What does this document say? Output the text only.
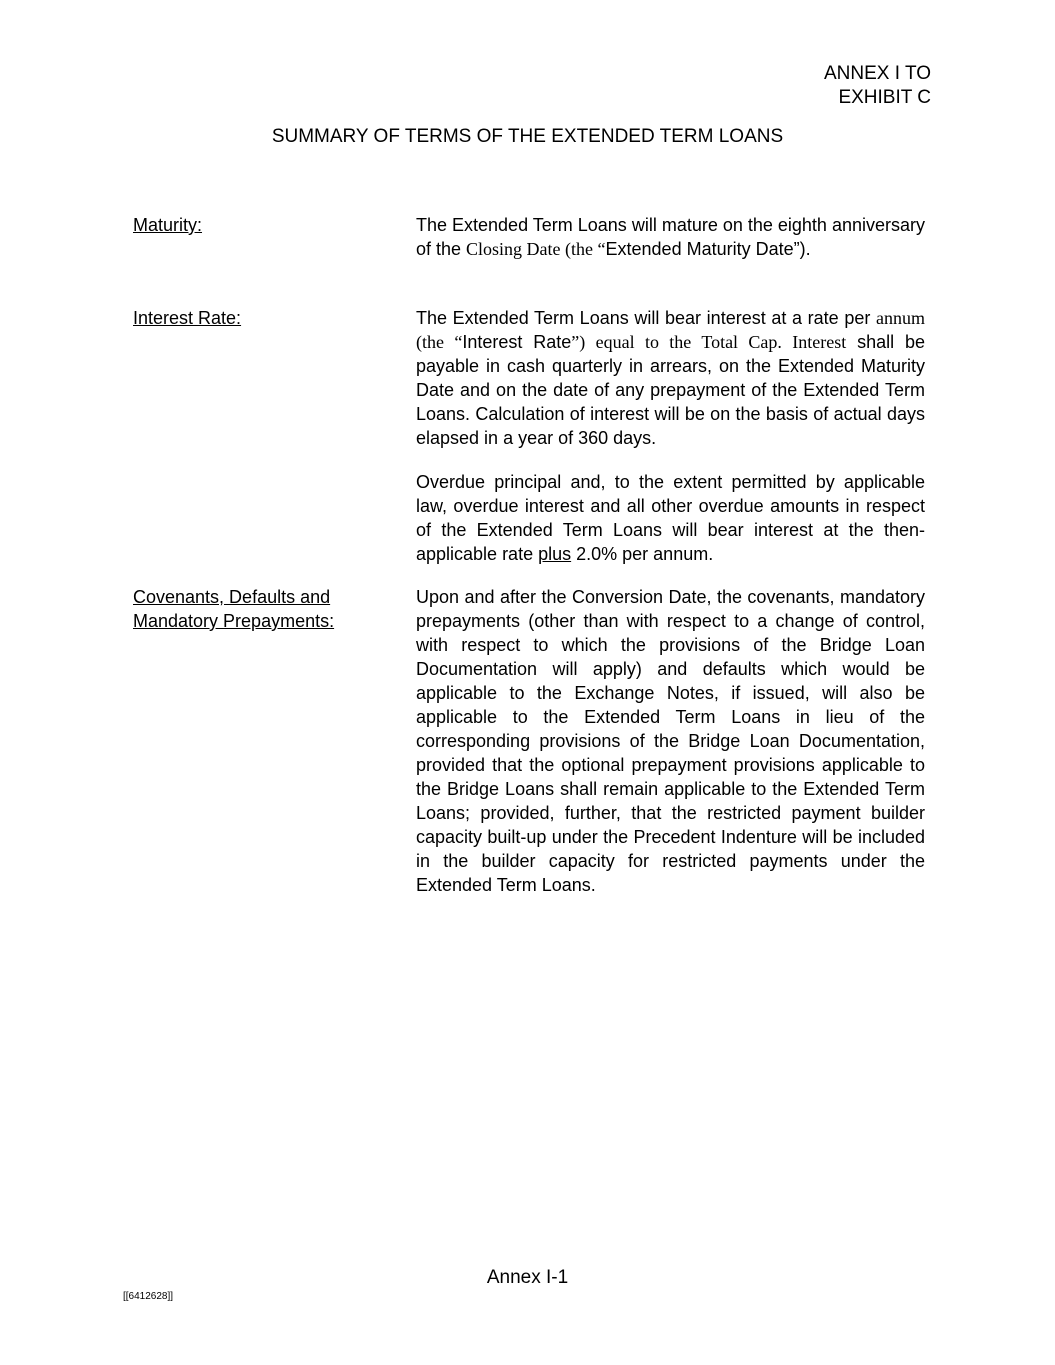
ANNEX I TO
EXHIBIT C
SUMMARY OF TERMS OF THE EXTENDED TERM LOANS
Maturity:	The Extended Term Loans will mature on the eighth anniversary of the Closing Date (the “Extended Maturity Date”).

Interest Rate:	The Extended Term Loans will bear interest at a rate per annum (the “Interest Rate”) equal to the Total Cap. Interest shall be payable in cash quarterly in arrears, on the Extended Maturity Date and on the date of any prepayment of the Extended Term Loans. Calculation of interest will be on the basis of actual days elapsed in a year of 360 days.

Overdue principal and, to the extent permitted by applicable law, overdue interest and all other overdue amounts in respect of the Extended Term Loans will bear interest at the then-applicable rate plus 2.0% per annum.

Covenants, Defaults and
Mandatory Prepayments:

Upon and after the Conversion Date, the covenants, mandatory prepayments (other than with respect to a change of control, with respect to which the provisions of the Bridge Loan Documentation will apply) and defaults which would be applicable to the Exchange Notes, if issued, will also be applicable to the Extended Term Loans in lieu of the corresponding provisions of the Bridge Loan Documentation, provided that the optional prepayment provisions applicable to the Bridge Loans shall remain applicable to the Extended Term Loans; provided, further, that the restricted payment builder capacity built-up under the Precedent Indenture will be included in the builder capacity for restricted payments under the Extended Term Loans.

Annex I-1
[[6412628]]
